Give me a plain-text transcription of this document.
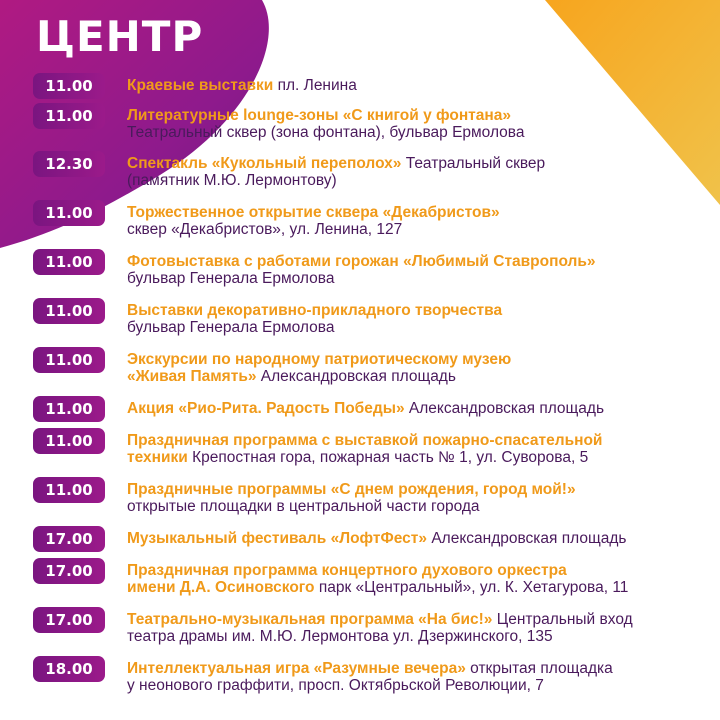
ЦЕНТР
11.00	Краевые выставки пл. Ленина
11.00	Литературные lounge-зоны «С книгой у фонтана»
Театральный сквер (зона фонтана), бульвар Ермолова
12.30	Спектакль «Кукольный переполох» Театральный сквер
(памятник М.Ю. Лермонтову)
11.00	Торжественное открытие сквера «Декабристов»
сквер «Декабристов», ул. Ленина, 127
11.00	Фотовыставка с работами горожан «Любимый Ставрополь»
бульвар Генерала Ермолова
11.00	Выставки декоративно-прикладного творчества
бульвар Генерала Ермолова
11.00	Экскурсии по народному патриотическому музею
«Живая Память» Александровская площадь
11.00	Акция «Рио-Рита. Радость Победы» Александровская площадь
11.00	Праздничная программа с выставкой пожарно-спасательной
техники Крепостная гора, пожарная часть № 1, ул. Суворова, 5
11.00	Праздничные программы «С днем рождения, город мой!»
открытые площадки в центральной части города
17.00	Музыкальный фестиваль «ЛофтФест» Александровская площадь
17.00	Праздничная программа концертного духового оркестра
имени Д.А. Осиновского парк «Центральный», ул. К. Хетагурова, 11
17.00	Театрально-музыкальная программа «На бис!» Центральный вход
театра драмы им. М.Ю. Лермонтова ул. Дзержинского, 135
18.00	Интеллектуальная игра «Разумные вечера» открытая площадка
у неонового граффити, просп. Октябрьской Революции, 7
